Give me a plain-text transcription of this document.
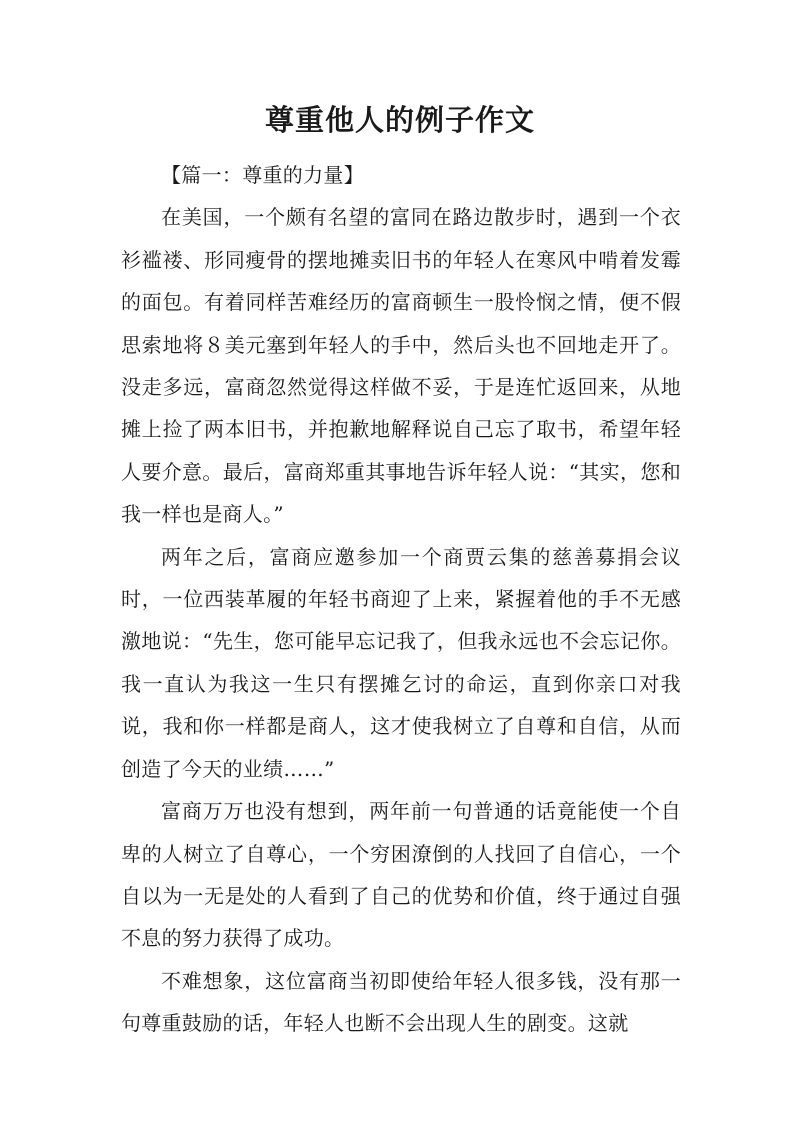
尊重他人的例子作文

【篇一：尊重的力量】

在美国，一个颇有名望的富同在路边散步时，遇到一个衣衫褴褛、形同瘦骨的摆地摊卖旧书的年轻人在寒风中啃着发霉的面包。有着同样苦难经历的富商顿生一股怜悯之情，便不假思索地将８美元塞到年轻人的手中，然后头也不回地走开了。没走多远，富商忽然觉得这样做不妥，于是连忙返回来，从地摊上捡了两本旧书，并抱歉地解释说自己忘了取书，希望年轻人要介意。最后，富商郑重其事地告诉年轻人说：“其实，您和我一样也是商人。”

两年之后，富商应邀参加一个商贾云集的慈善募捐会议时，一位西装革履的年轻书商迎了上来，紧握着他的手不无感激地说：“先生，您可能早忘记我了，但我永远也不会忘记你。我一直认为我这一生只有摆摊乞讨的命运，直到你亲口对我说，我和你一样都是商人，这才使我树立了自尊和自信，从而创造了今天的业绩……”

富商万万也没有想到，两年前一句普通的话竟能使一个自卑的人树立了自尊心，一个穷困潦倒的人找回了自信心，一个自以为一无是处的人看到了自己的优势和价值，终于通过自强不息的努力获得了成功。

不难想象，这位富商当初即使给年轻人很多钱，没有那一句尊重鼓励的话，年轻人也断不会出现人生的剧变。这就
